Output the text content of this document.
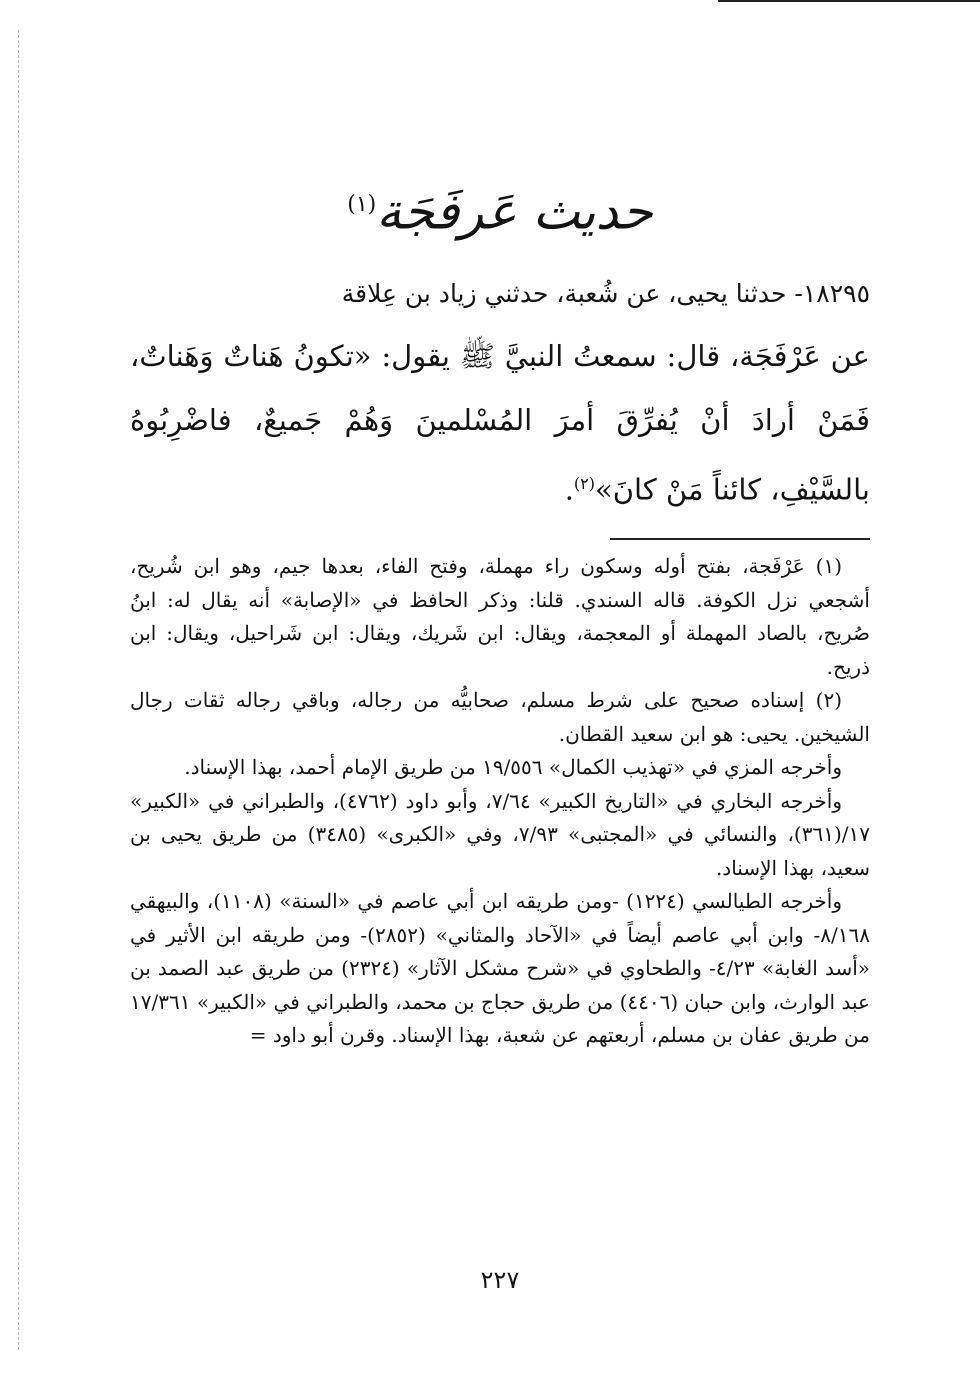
حديث عَرفَجَة$^{(١)}$
١٨٢٩٥- حدثنا يحيى، عن شُعبة، حدثني زياد بن عِلاقة
عن عَرْفَجَة، قال: سمعتُ النبيَّ ﷺ يقول: «تكونُ هَناتٌ وَهَناتٌ، فَمَنْ أرادَ أنْ يُفرِّقَ أمرَ المُسْلمينَ وَهُمْ جَميعٌ، فاضْرِبُوهُ بالسَّيْفِ، كائناً مَنْ كانَ»$^{(٢)}$.

(١) عَرْفَجة، بفتح أوله وسكون راء مهملة، وفتح الفاء، بعدها جيم، وهو ابن شُريح، أشجعي نزل الكوفة. قاله السندي. قلنا: وذكر الحافظ في «الإصابة» أنه يقال له: ابنُ صُريح، بالصاد المهملة أو المعجمة، ويقال: ابن شَريك، ويقال: ابن شَراحيل، ويقال: ابن ذريح.

(٢) إسناده صحيح على شرط مسلم، صحابيُّه من رجاله، وباقي رجاله ثقات رجال الشيخين. يحيى: هو ابن سعيد القطان.

وأخرجه المزي في «تهذيب الكمال» ١٩/٥٥٦ من طريق الإمام أحمد، بهذا الإسناد.

وأخرجه البخاري في «التاريخ الكبير» ٧/٦٤، وأبو داود (٤٧٦٢)، والطبراني في «الكبير» ١٧/(٣٦١)، والنسائي في «المجتبى» ٧/٩٣، وفي «الكبرى» (٣٤٨٥) من طريق يحيى بن سعيد، بهذا الإسناد.

وأخرجه الطيالسي (١٢٢٤) -ومن طريقه ابن أبي عاصم في «السنة» (١١٠٨)، والبيهقي ٨/١٦٨- وابن أبي عاصم أيضاً في «الآحاد والمثاني» (٢٨٥٢)- ومن طريقه ابن الأثير في «أسد الغابة» ٤/٢٣- والطحاوي في «شرح مشكل الآثار» (٢٣٢٤) من طريق عبد الصمد بن عبد الوارث، وابن حبان (٤٤٠٦) من طريق حجاج بن محمد، والطبراني في «الكبير» ١٧/٣٦١ من طريق عفان بن مسلم، أربعتهم عن شعبة، بهذا الإسناد. وقرن أبو داود =

٢٢٧
